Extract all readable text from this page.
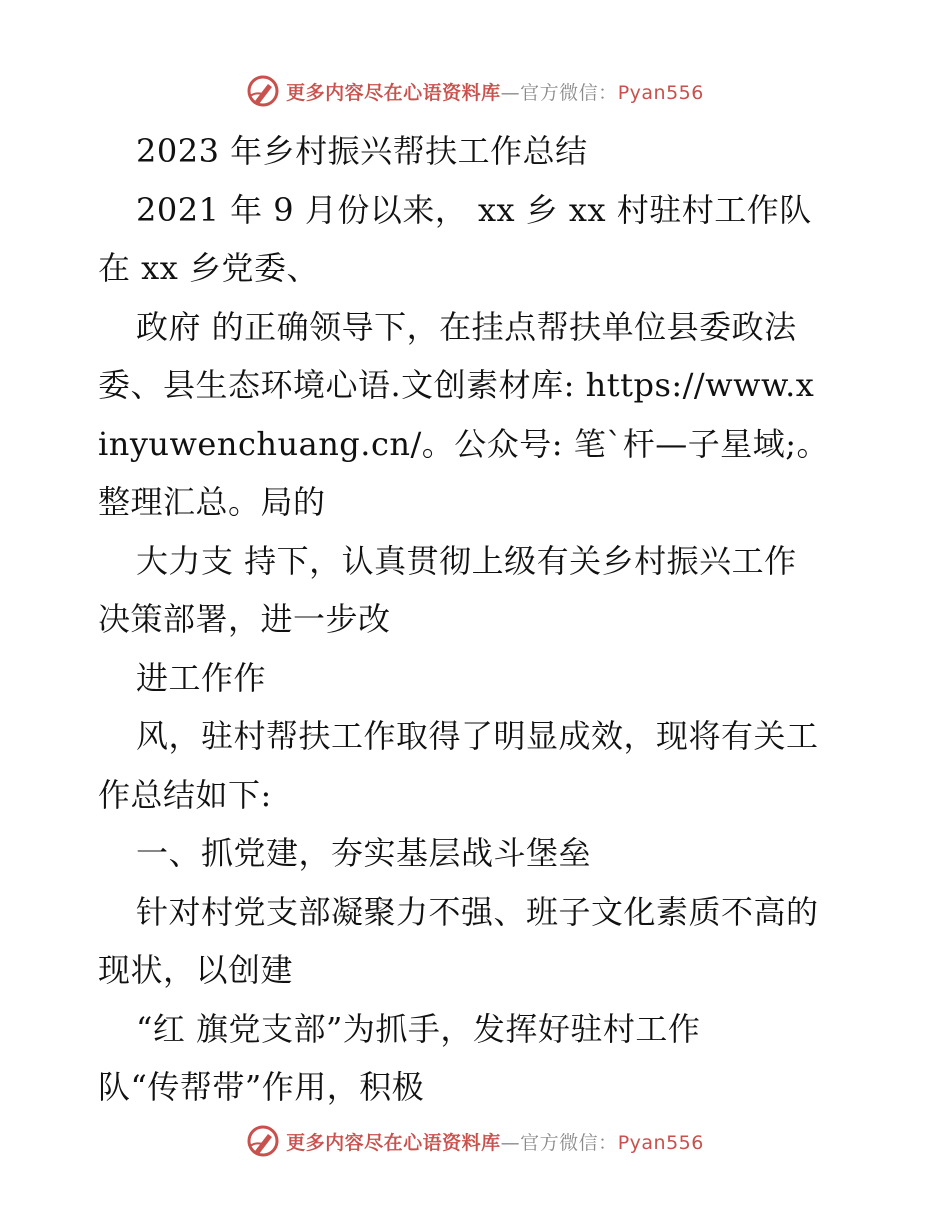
更多内容尽在心语资料库—官方微信：Pyan556
2023 年乡村振兴帮扶工作总结
2021 年 9 月份以来， xx 乡 xx 村驻村工作队
在 xx 乡党委、
政府 的正确领导下，在挂点帮扶单位县委政法
委、县生态环境心语.文创素材库: https://www.x
inyuwenchuang.cn/。公众号: 笔`杆—子星域;。
整理汇总。局的
大力支 持下，认真贯彻上级有关乡村振兴工作
决策部署，进一步改
进工作作
风，驻村帮扶工作取得了明显成效，现将有关工
作总结如下:
一、抓党建，夯实基层战斗堡垒
针对村党支部凝聚力不强、班子文化素质不高的
现状，以创建
“红 旗党支部”为抓手，发挥好驻村工作
队“传帮带”作用，积极
更多内容尽在心语资料库—官方微信：Pyan556
